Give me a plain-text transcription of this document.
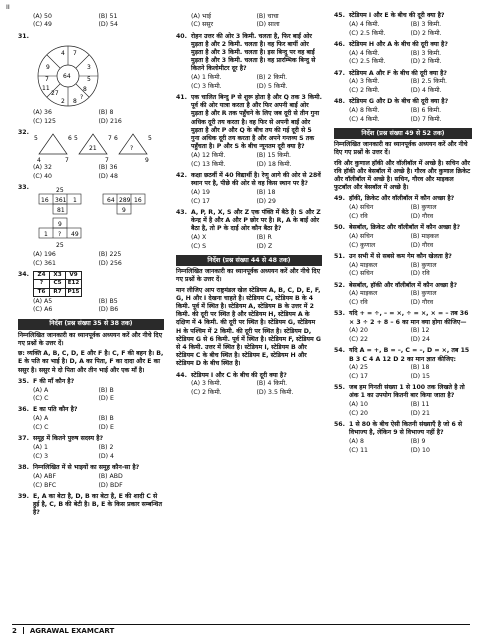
II
(A) 50	(B) 51
(C) 49	(D) 54
31.
4 7
9
7 64
3
5
11
27
8
?
2 8
(A) 36	(B) 8
(C) 125	(D) 216
32.
5	6
4	7
5
21
7
7
6
?
5
9
(A) 32	(B) 36
(C) 40	(D) 48
33.	25
16 361 1
81
64 289 16
9
9
1 ? 49
25
(A) 196	(B) 225
(C) 361	(D) 256
34.	Z4	X3	V9
?	C5	E12
T6	R7	P15
(A) A5	(B) B5
(C) A6	(D) B6
निर्देश (प्रश्न संख्या 35 से 38 तक)
निम्नलिखित जानकारी का ध्यानपूर्वक अध्ययन करें और नीचे दिए गए प्रश्नों के उत्तर दें।
छ: व्यक्ति A, B, C, D, E और F है। C, F की बहन है। B, E के पति का भाई है। D, A का पिता, F का दादा और E का ससुर है। ससुर मे दो पिता और तीन भाई और एक माँ है।
35. F की माँ कौन है?
(A) A	(B) B
(C) C	(D) E
36. E का पति कौन है?
(A) A	(B) B
(C) C	(D) E
37. समूह में कितने पुरुष सदस्य है?
(A) 1	(B) 2
(C) 3	(D) 4
38. निम्नलिखित में से भाइयों का समूह कौन-सा है?
(A) ABF	(B) ABD
(C) BFC	(D) BDF
39. E, A का बेटा है, D, B का बेटा है, E की शादी C से हुई है, C, B की बेटी है। B, E के किस प्रकार सम्बन्धित है?
(A) भाई	(B) चाचा
(C) ससुर	(D) साला
40. रोहन उत्तर की ओर 3 किमी. चलता है, फिर बाईं ओर मुड़ता है और 2 किमी. चलता है। वह फिर बायीं ओर मुड़ता है और 3 किमी. चलता है। इस बिन्दु पर वह बाईं मुड़ता है और 3 किमी. चलता है। वह प्रारम्भिक बिन्दु से कितने किलोमीटर दूर है?
(A) 1 किमी.	(B) 2 किमी.
(C) 3 किमी.	(D) 5 किमी.
41. एक चालित बिन्दु P से शुरू होता है और Q तक 3 किमी. पूर्व की ओर यात्रा करता है और फिर अपनी बाईं ओर मुड़ता है और R तक पहुँचने के लिए जब दूरी से तीन गुना अधिक दूरी तय करता है। वह फिर से अपनी बाईं ओर मुड़ता है और P और Q के बीच तय की गई दूरी से 5 गुना अधिक दूरी तय करता है और अपने गन्तव्य S तक पहुँचता है। P और S के बीच न्यूनतम दूरी क्या है?
(A) 12 किमी.	(B) 15 किमी.
(C) 13 किमी.	(D) 18 किमी.
42. कक्षा छठवीं में 40 विद्यार्थी है। रेणु आगे की ओर से 28वें स्थान पर है, पीछे की ओर से वह किस स्थान पर है?
(A) 19	(B) 18
(C) 17	(D) 29
43. A, P, R, X, S और Z एक पंक्ति में बैठे है। S और Z केन्द्र में है और A और P छोर पर है। R, A के बाईं ओर बैठा है, तो P के दाईं ओर कौन बैठा है?
(A) X	(B) R
(C) S	(D) Z
निर्देश (प्रश्न संख्या 44 से 48 तक)
निम्नलिखित जानकारी का ध्यानपूर्वक अध्ययन करें और नीचे दिए गए प्रश्नों के उत्तर दें।
मान लीजिए आप राष्ट्रमंडल खेल स्टेडियम A, B, C, D, E, F, G, H और I देखना चाहते है। स्टेडियम C, स्टेडियम B के 4 किमी. पूर्व में स्थित है। स्टेडियम A, स्टेडियम B के उत्तर में 2 किमी. की दूरी पर स्थित है और स्टेडियम H, स्टेडियम A के दक्षिण में 4 किमी. की दूरी पर स्थित है। स्टेडियम G, स्टेडियम H के पश्चिम में 2 किमी. की दूरी पर स्थित है। स्टेडियम D, स्टेडियम G से 6 किमी. पूर्व में स्थित है। स्टेडियम F, स्टेडियम G से 4 किमी. उत्तर में स्थित है। स्टेडियम I, स्टेडियम B और स्टेडियम C के बीच स्थित है। स्टेडियम E, स्टेडियम H और स्टेडियम D के बीच स्थित है।
44. स्टेडियम I और C के बीच की दूरी क्या है?
(A) 3 किमी.	(B) 4 किमी.
(C) 2 किमी.	(D) 3.5 किमी.
45. स्टेडियम I और E के बीच की दूरी क्या है?
(A) 4 किमी.	(B) 3 किमी.
(C) 2.5 किमी.	(D) 2 किमी.
46. स्टेडियम H और A के बीच की दूरी क्या है?
(A) 4 किमी.	(B) 3 किमी.
(C) 2.5 किमी.	(D) 2 किमी.
47. स्टेडियम A और F के बीच की दूरी क्या है?
(A) 3 किमी.	(B) 2.5 किमी.
(C) 2 किमी.	(D) 4 किमी.
48. स्टेडियम G और D के बीच की दूरी क्या है?
(A) 8 किमी.	(B) 6 किमी.
(C) 4 किमी.	(D) 7 किमी.
निर्देश (प्रश्न संख्या 49 से 52 तक)
निम्नलिखित जानकारी का ध्यानपूर्वक अध्ययन करें और नीचे दिए गए प्रश्नों के उत्तर दें।
रवि और कुणाल हॉकी और वॉलीबॉल में अच्छे है। सचिन और रवि हॉकी और बेसबॉल में अच्छे है। गौरव और कुणाल क्रिकेट और वॉलीबॉल में अच्छे है। सचिन, गौरव और माइकल फुटबॉल और बेसबॉल में अच्छे है।
49. हॉकी, क्रिकेट और वॉलीबॉल में कौन अच्छा है?
(A) सचिन	(B) कुणाल
(C) रवि	(D) गौरव
50. बेसबॉल, क्रिकेट और वॉलीबॉल में कौन अच्छा है?
(A) सचिन	(B) माइकल
(C) कुणाल	(D) गौरव
51. उन सभी में से सबसे कम गेम कौन खेलता है?
(A) माइकल	(B) कुणाल
(C) सचिन	(D) रवि
52. बेसबॉल, हॉकी और वॉलीबॉल में कौन अच्छा है?
(A) माइकल	(B) कुणाल
(C) रवि	(D) गौरव
53. यदि + = ÷, – = ×, ÷ = ×, × = – तब 36 × 3 ÷ 2 + 8 – 6 का मान क्या होगा कीजिए—
(A) 20	(B) 12
(C) 22	(D) 24
54. यदि A = +, B = –, C = –, D = ×, तब 15 B 3 C 4 A 12 D 2 का मान ज्ञात कीजिए:
(A) 25	(B) 18
(C) 17	(D) 15
55. जब हम गिनती संख्या 1 से 100 तक लिखते है तो अंक 1 का उपयोग कितनी बार किया जाता है?
(A) 10	(B) 11
(C) 20	(D) 21
56. 1 से 80 के बीच ऐसी कितनी संख्याएँ है जो 6 से विभाज्य है, लेकिन 9 से विभाज्य नहीं है?
(A) 8	(B) 9
(C) 11	(D) 10
2 AGRAWAL EXAMCART
